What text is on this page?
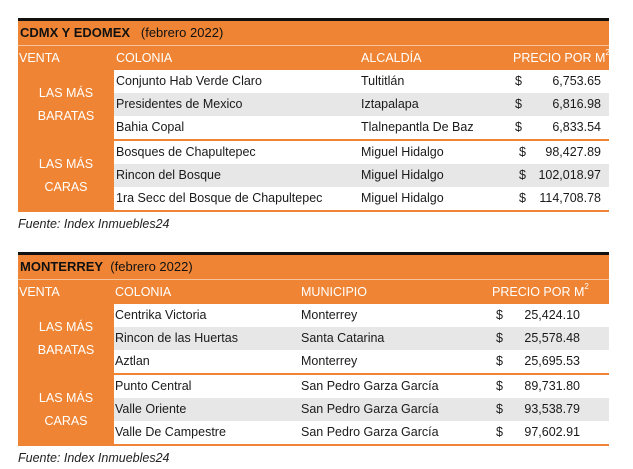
CDMX Y EDOMEX (febrero 2022)
VENTA	COLONIA	ALCALDÍA	PRECIO POR $M^2$
LAS MÁS
BARATAS
Conjunto Hab Verde Claro	Tultitlán	$ 6,753.65
Presidentes de Mexico	Iztapalapa	$ 6,816.98
Bahia Copal	Tlalnepantla De Baz	$ 6,833.54
LAS MÁS CARAS
Bosques de Chapultepec	Miguel Hidalgo	$ 98,427.89
Rincon del Bosque	Miguel Hidalgo	$ 102,018.97
1ra Secc del Bosque de Chapultepec	Miguel Hidalgo	$ 114,708.78
Fuente: Index Inmuebles24
MONTERREY (febrero 2022)
VENTA	COLONIA	MUNICIPIO	PRECIO POR $M^2$
LAS MÁS
BARATAS
Centrika Victoria	Monterrey	$ 25,424.10
Rincon de las Huertas	Santa Catarina	$ 25,578.48
Aztlan	Monterrey	$ 25,695.53
LAS MÁS
CARAS
Punto Central	San Pedro Garza García	$ 89,731.80
Valle Oriente	San Pedro Garza García	$ 93,538.79
Valle De Campestre	San Pedro Garza García	$ 97,602.91
Fuente: Index Inmuebles24
